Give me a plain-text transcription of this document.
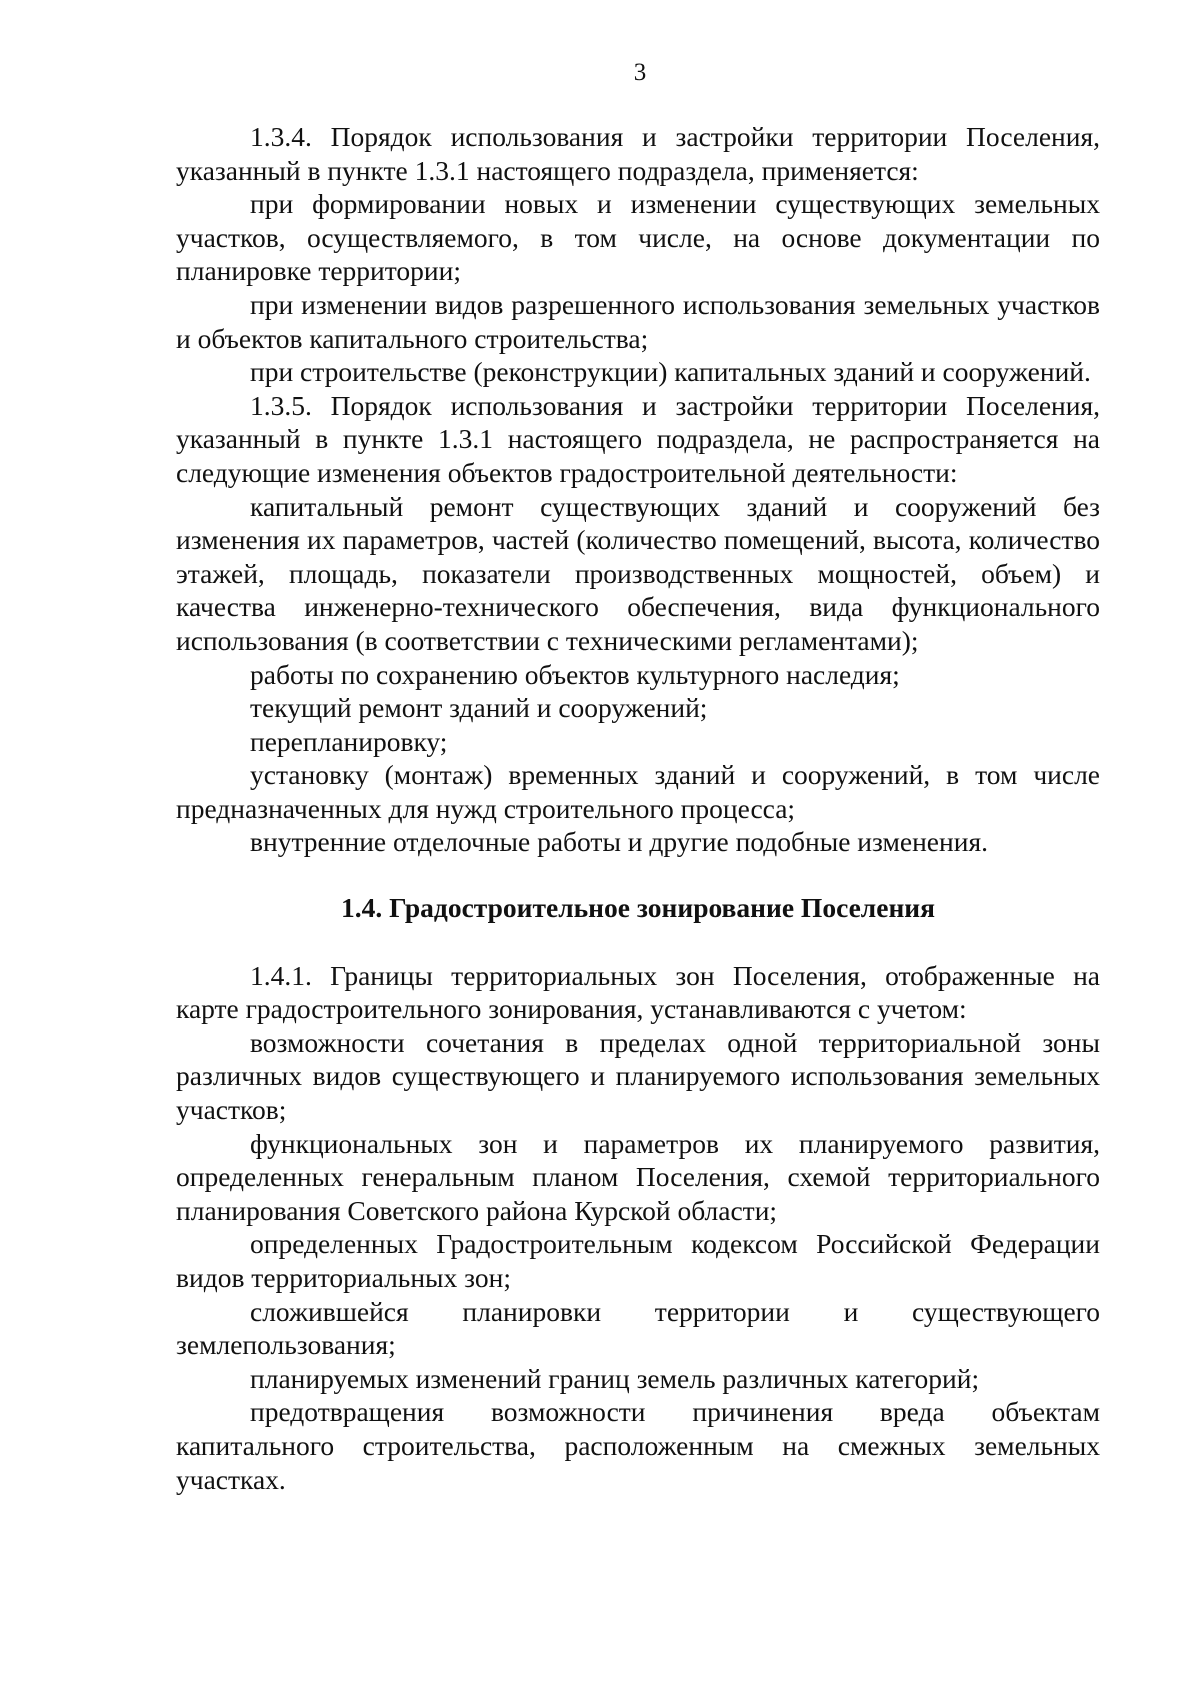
3

1.3.4. Порядок использования и застройки территории Поселения, указанный в пункте 1.3.1 настоящего подраздела, применяется:

при формировании новых и изменении существующих земельных участков, осуществляемого, в том числе, на основе документации по планировке территории;

при изменении видов разрешенного использования земельных участков и объектов капитального строительства;

при строительстве (реконструкции) капитальных зданий и сооружений.

1.3.5. Порядок использования и застройки территории Поселения, указанный в пункте 1.3.1 настоящего подраздела, не распространяется на следующие изменения объектов градостроительной деятельности:

капитальный ремонт существующих зданий и сооружений без изменения их параметров, частей (количество помещений, высота, количество этажей, площадь, показатели производственных мощностей, объем) и качества инженерно-технического обеспечения, вида функционального использования (в соответствии с техническими регламентами);

работы по сохранению объектов культурного наследия;

текущий ремонт зданий и сооружений;

перепланировку;

установку (монтаж) временных зданий и сооружений, в том числе предназначенных для нужд строительного процесса;

внутренние отделочные работы и другие подобные изменения.

1.4. Градостроительное зонирование Поселения

1.4.1. Границы территориальных зон Поселения, отображенные на карте градостроительного зонирования, устанавливаются с учетом:

возможности сочетания в пределах одной территориальной зоны различных видов существующего и планируемого использования земельных участков;

функциональных зон и параметров их планируемого развития, определенных генеральным планом Поселения, схемой территориального планирования Советского района Курской области;

определенных Градостроительным кодексом Российской Федерации видов территориальных зон;

сложившейся планировки территории и существующего землепользования;

планируемых изменений границ земель различных категорий;

предотвращения возможности причинения вреда объектам капитального строительства, расположенным на смежных земельных участках.
